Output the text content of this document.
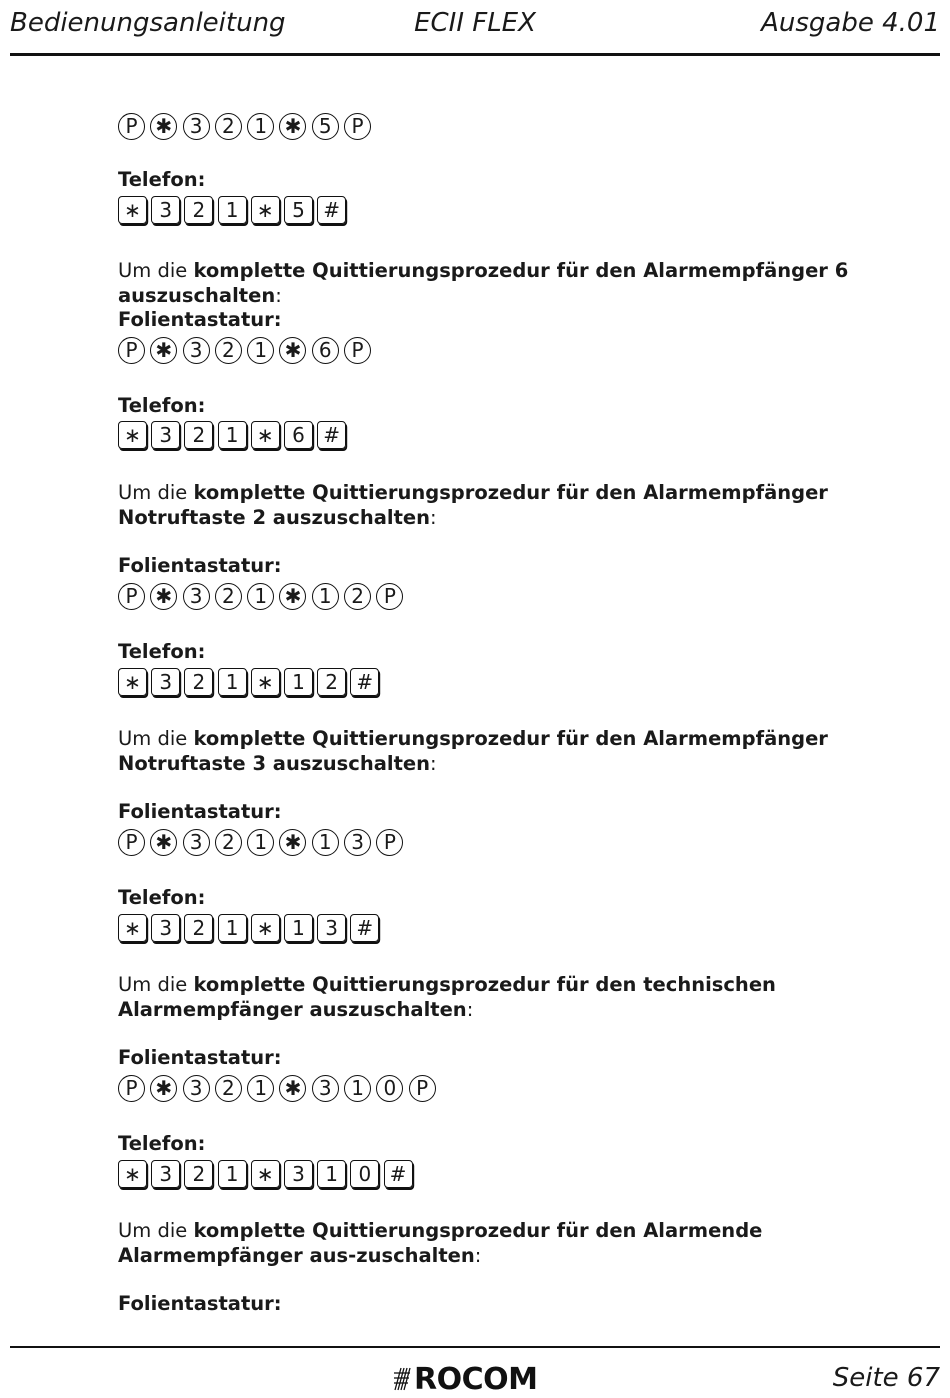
Bedienungsanleitung	ECII FLEX	Ausgabe 4.01
P ✱ 3 2 1 ✱ 5 P

Telefon:

∗ 3	2	1 ∗ 5 #

Um die komplette Quittierungsprozedur für den Alarmempfänger 6 auszuschalten:

Folientastatur:

P ✱ 3 2 1 ✱ 6 P

Telefon:

∗ 3	2	1 ∗ 6 #

Um die komplette Quittierungsprozedur für den Alarmempfänger Notruftaste 2 auszuschalten:

Folientastatur:

P ✱ 3 2 1 ✱ 1 2 P

Telefon:

∗ 3	2	1 ∗ 1	2 #

Um die komplette Quittierungsprozedur für den Alarmempfänger Notruftaste 3 auszuschalten:

Folientastatur:

P ✱ 3 2 1 ✱ 1 3 P

Telefon:

∗ 3	2	1 ∗ 1	3 #

Um die komplette Quittierungsprozedur für den technischen Alarmempfänger auszuschalten:

Folientastatur:

P ✱ 3 2 1 ✱ 3 1 0 P

Telefon:

∗ 3	2	1 ∗ 3	1	0 #

Um die komplette Quittierungsprozedur für den Alarmende Alarmempfänger aus-zuschalten:

Folientastatur:

ROCOM	Seite 67
